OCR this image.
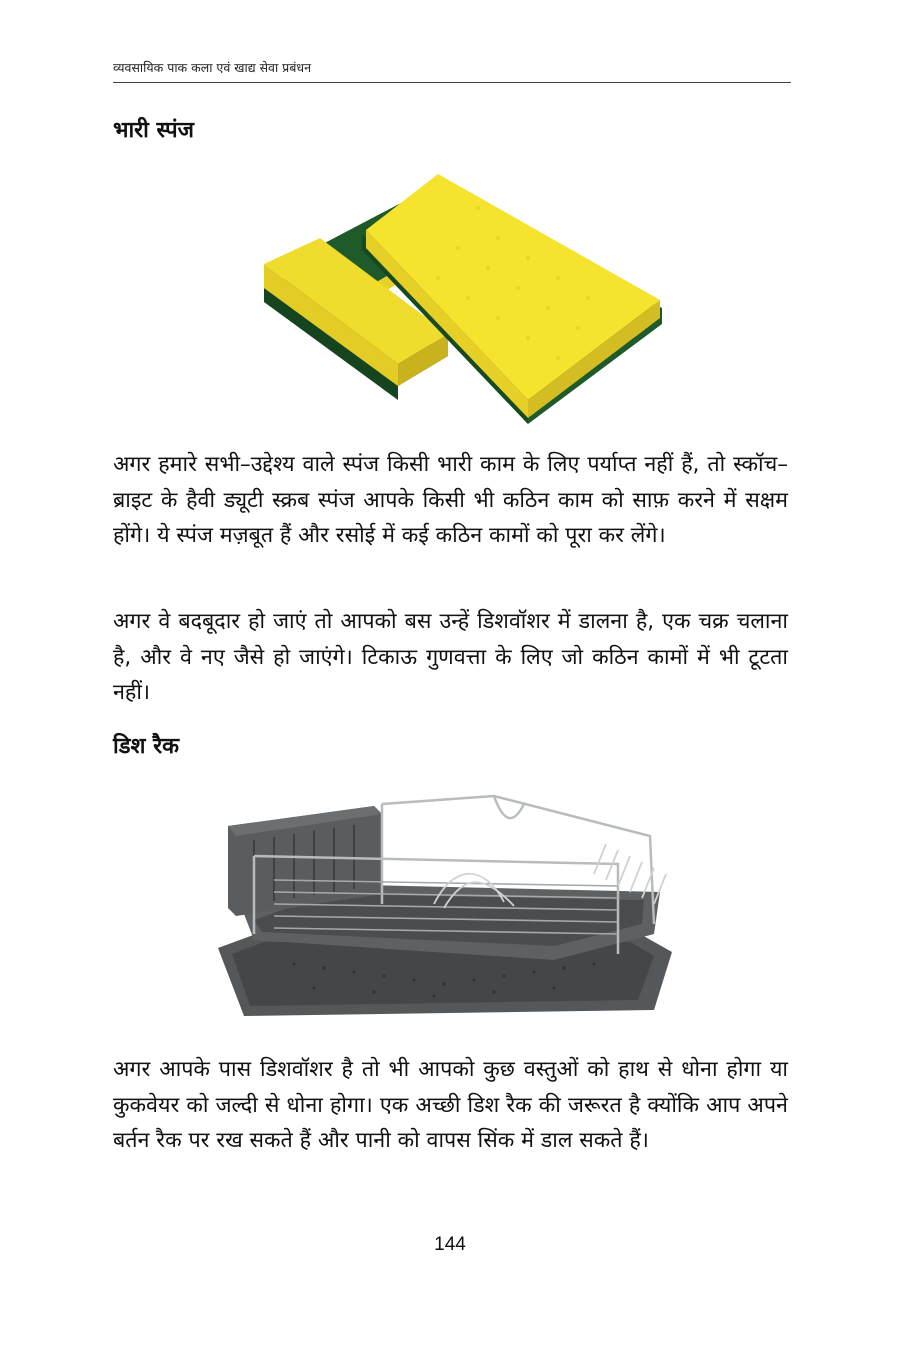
व्यवसायिक पाक कला एवं खाद्य सेवा प्रबंधन
भारी स्पंज

अगर हमारे सभी–उद्देश्य वाले स्पंज किसी भारी काम के लिए पर्याप्त नहीं हैं, तो स्कॉच–ब्राइट के हैवी ड्यूटी स्क्रब स्पंज आपके किसी भी कठिन काम को साफ़ करने में सक्षम होंगे। ये स्पंज मज़बूत हैं और रसोई में कई कठिन कामों को पूरा कर लेंगे।

अगर वे बदबूदार हो जाएं तो आपको बस उन्हें डिशवॉशर में डालना है, एक चक्र चलाना है, और वे नए जैसे हो जाएंगे। टिकाऊ गुणवत्ता के लिए जो कठिन कामों में भी टूटता नहीं।

डिश रैक

अगर आपके पास डिशवॉशर है तो भी आपको कुछ वस्तुओं को हाथ से धोना होगा या कुकवेयर को जल्दी से धोना होगा। एक अच्छी डिश रैक की जरूरत है क्योंकि आप अपने बर्तन रैक पर रख सकते हैं और पानी को वापस सिंक में डाल सकते हैं।

144
